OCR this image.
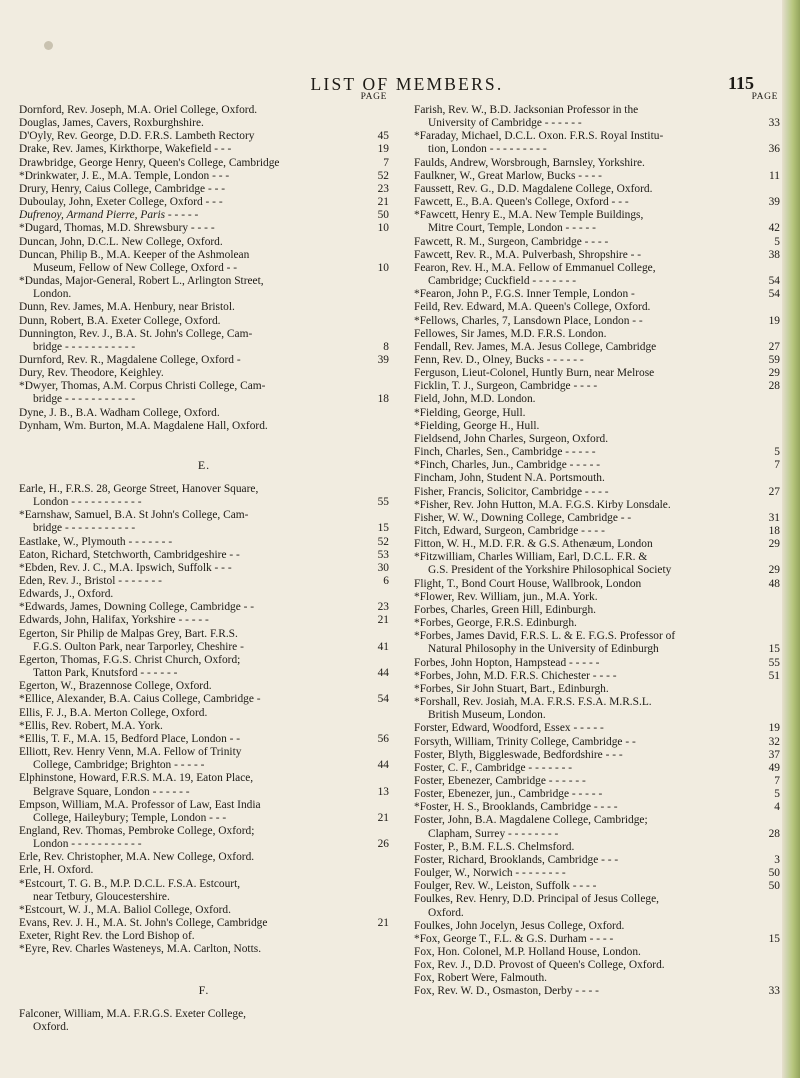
LIST OF MEMBERS.	115
PAGE
Dornford, Rev. Joseph, M.A. Oriel College, Oxford.
Douglas, James, Cavers, Roxburghshire.
D'Oyly, Rev. George, D.D. F.R.S. Lambeth Rectory	45
Drake, Rev. James, Kirkthorpe, Wakefield - - -	19
Drawbridge, George Henry, Queen's College, Cambridge	7
*Drinkwater, J. E., M.A. Temple, London - - -	52
Drury, Henry, Caius College, Cambridge - - -	23
Duboulay, John, Exeter College, Oxford - - -	21
Dufrenoy, Armand Pierre, Paris - - - - -	50
*Dugard, Thomas, M.D. Shrewsbury - - - -	10
Duncan, John, D.C.L. New College, Oxford.
Duncan, Philip B., M.A. Keeper of the Ashmolean
Museum, Fellow of New College, Oxford - -	10
*Dundas, Major-General, Robert L., Arlington Street,
London.
Dunn, Rev. James, M.A. Henbury, near Bristol.
Dunn, Robert, B.A. Exeter College, Oxford.
Dunnington, Rev. J., B.A. St. John's College, Cam-
bridge - - - - - - - - - - -	8
Durnford, Rev. R., Magdalene College, Oxford -	39
Dury, Rev. Theodore, Keighley.
*Dwyer, Thomas, A.M. Corpus Christi College, Cam-
bridge - - - - - - - - - - -	18
Dyne, J. B., B.A. Wadham College, Oxford.
Dynham, Wm. Burton, M.A. Magdalene Hall, Oxford.
E.
Earle, H., F.R.S. 28, George Street, Hanover Square,
London - - - - - - - - - - -	55
*Earnshaw, Samuel, B.A. St John's College, Cam-
bridge - - - - - - - - - - -	15
Eastlake, W., Plymouth - - - - - - -	52
Eaton, Richard, Stetchworth, Cambridgeshire - -	53
*Ebden, Rev. J. C., M.A. Ipswich, Suffolk - - -	30
Eden, Rev. J., Bristol - - - - - - -	6
Edwards, J., Oxford.
*Edwards, James, Downing College, Cambridge - -	23
Edwards, John, Halifax, Yorkshire - - - - -	21
Egerton, Sir Philip de Malpas Grey, Bart. F.R.S.
F.G.S. Oulton Park, near Tarporley, Cheshire -	41
Egerton, Thomas, F.G.S. Christ Church, Oxford;
Tatton Park, Knutsford - - - - - -	44
Egerton, W., Brazennose College, Oxford.
*Ellice, Alexander, B.A. Caius College, Cambridge -	54
Ellis, F. J., B.A. Merton College, Oxford.
*Ellis, Rev. Robert, M.A. York.
*Ellis, T. F., M.A. 15, Bedford Place, London - -	56
Elliott, Rev. Henry Venn, M.A. Fellow of Trinity
College, Cambridge; Brighton - - - - -	44
Elphinstone, Howard, F.R.S. M.A. 19, Eaton Place,
Belgrave Square, London - - - - - -	13
Empson, William, M.A. Professor of Law, East India
College, Haileybury; Temple, London - - -	21
England, Rev. Thomas, Pembroke College, Oxford;
London - - - - - - - - - - -	26
Erle, Rev. Christopher, M.A. New College, Oxford.
Erle, H. Oxford.
*Estcourt, T. G. B., M.P. D.C.L. F.S.A. Estcourt,
near Tetbury, Gloucestershire.
*Estcourt, W. J., M.A. Baliol College, Oxford.
Evans, Rev. J. H., M.A. St. John's College, Cambridge	21
Exeter, Right Rev. the Lord Bishop of.
*Eyre, Rev. Charles Wasteneys, M.A. Carlton, Notts.
F.
Falconer, William, M.A. F.R.G.S. Exeter College,
Oxford.
PAGE
Farish, Rev. W., B.D. Jacksonian Professor in the
University of Cambridge - - - - - -	33
*Faraday, Michael, D.C.L. Oxon. F.R.S. Royal Institu-
tion, London - - - - - - - - -	36
Faulds, Andrew, Worsbrough, Barnsley, Yorkshire.
Faulkner, W., Great Marlow, Bucks - - - -	11
Faussett, Rev. G., D.D. Magdalene College, Oxford.
Fawcett, E., B.A. Queen's College, Oxford - - -	39
*Fawcett, Henry E., M.A. New Temple Buildings,
Mitre Court, Temple, London - - - - -	42
Fawcett, R. M., Surgeon, Cambridge - - - -	5
Fawcett, Rev. R., M.A. Pulverbash, Shropshire - -	38
Fearon, Rev. H., M.A. Fellow of Emmanuel College,
Cambridge; Cuckfield - - - - - - -	54
*Fearon, John P., F.G.S. Inner Temple, London -	54
Feild, Rev. Edward, M.A. Queen's College, Oxford.
*Fellows, Charles, 7, Lansdown Place, London - -	19
Fellowes, Sir James, M.D. F.R.S. London.
Fendall, Rev. James, M.A. Jesus College, Cambridge	27
Fenn, Rev. D., Olney, Bucks - - - - - -	59
Ferguson, Lieut-Colonel, Huntly Burn, near Melrose	29
Ficklin, T. J., Surgeon, Cambridge - - - -	28
Field, John, M.D. London.
*Fielding, George, Hull.
*Fielding, George H., Hull.
Fieldsend, John Charles, Surgeon, Oxford.
Finch, Charles, Sen., Cambridge - - - - -	5
*Finch, Charles, Jun., Cambridge - - - - -	7
Fincham, John, Student N.A. Portsmouth.
Fisher, Francis, Solicitor, Cambridge - - - -	27
*Fisher, Rev. John Hutton, M.A. F.G.S. Kirby Lonsdale.
Fisher, W. W., Downing College, Cambridge - -	31
Fitch, Edward, Surgeon, Cambridge - - - -	18
Fitton, W. H., M.D. F.R. & G.S. Athenæum, London	29
*Fitzwilliam, Charles William, Earl, D.C.L. F.R. &
G.S. President of the Yorkshire Philosophical Society	29
Flight, T., Bond Court House, Wallbrook, London	48
*Flower, Rev. William, jun., M.A. York.
Forbes, Charles, Green Hill, Edinburgh.
*Forbes, George, F.R.S. Edinburgh.
*Forbes, James David, F.R.S. L. & E. F.G.S. Professor of
Natural Philosophy in the University of Edinburgh	15
Forbes, John Hopton, Hampstead - - - - -	55
*Forbes, John, M.D. F.R.S. Chichester - - - -	51
*Forbes, Sir John Stuart, Bart., Edinburgh.
*Forshall, Rev. Josiah, M.A. F.R.S. F.S.A. M.R.S.L.
British Museum, London.
Forster, Edward, Woodford, Essex - - - - -	19
Forsyth, William, Trinity College, Cambridge - -	32
Foster, Blyth, Biggleswade, Bedfordshire - - -	37
Foster, C. F., Cambridge - - - - - - -	49
Foster, Ebenezer, Cambridge - - - - - -	7
Foster, Ebenezer, jun., Cambridge - - - - -	5
*Foster, H. S., Brooklands, Cambridge - - - -	4
Foster, John, B.A. Magdalene College, Cambridge;
Clapham, Surrey - - - - - - - -	28
Foster, P., B.M. F.L.S. Chelmsford.
Foster, Richard, Brooklands, Cambridge - - -	3
Foulger, W., Norwich - - - - - - - -	50
Foulger, Rev. W., Leiston, Suffolk - - - -	50
Foulkes, Rev. Henry, D.D. Principal of Jesus College,
Oxford.
Foulkes, John Jocelyn, Jesus College, Oxford.
*Fox, George T., F.L. & G.S. Durham - - - -	15
Fox, Hon. Colonel, M.P. Holland House, London.
Fox, Rev. J., D.D. Provost of Queen's College, Oxford.
Fox, Robert Were, Falmouth.
Fox, Rev. W. D., Osmaston, Derby - - - -	33
